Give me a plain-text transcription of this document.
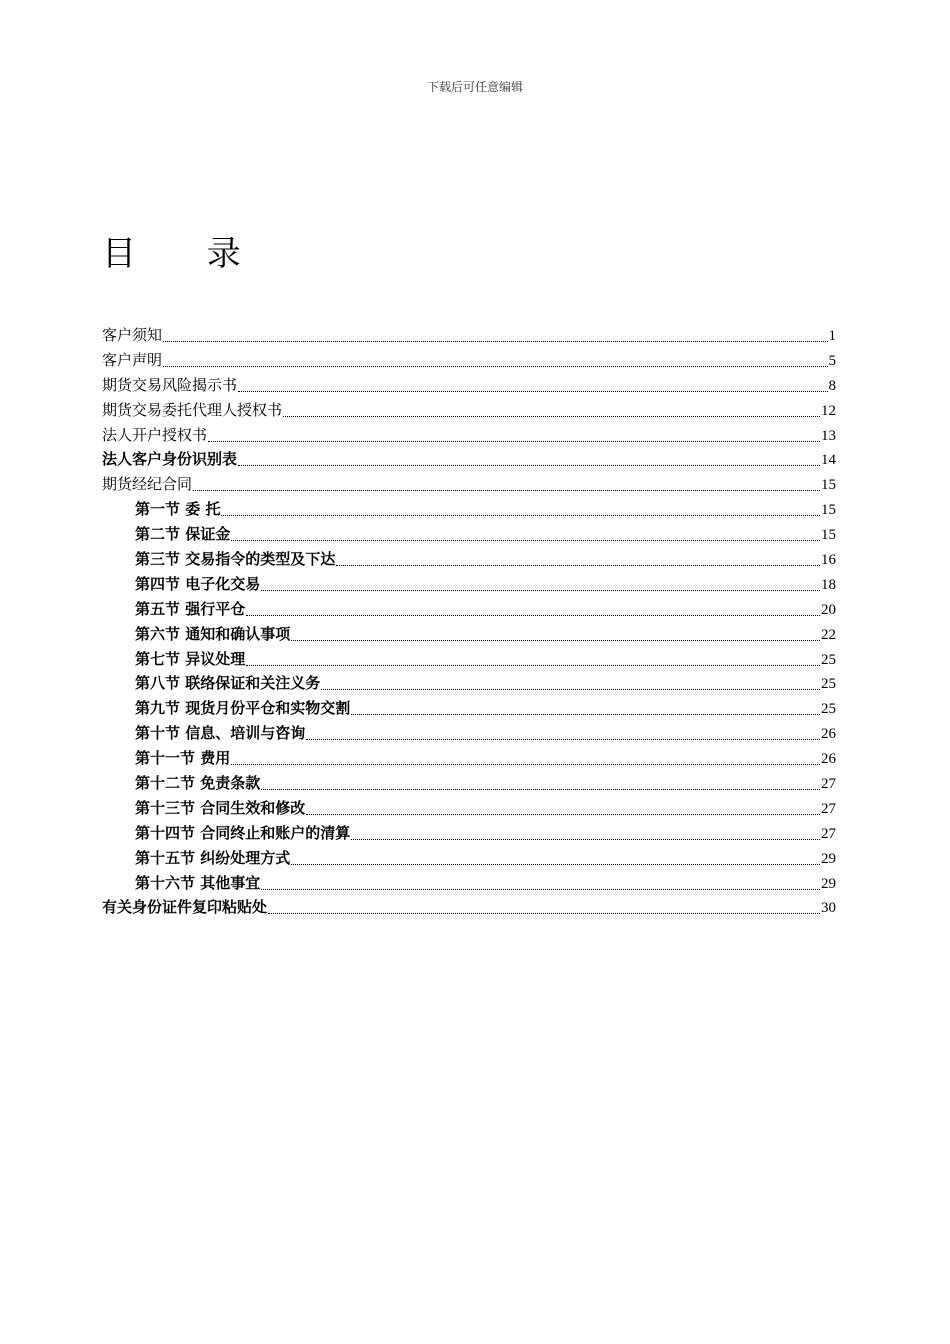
下载后可任意编辑
目 录
客户须知	1
客户声明	5
期货交易风险揭示书	8
期货交易委托代理人授权书	12
法人开户授权书	13
法人客户身份识别表	14
期货经纪合同	15
第一节 委 托	15
第二节 保证金	15
第三节 交易指令的类型及下达	16
第四节 电子化交易	18
第五节 强行平仓	20
第六节 通知和确认事项	22
第七节 异议处理	25
第八节 联络保证和关注义务	25
第九节 现货月份平仓和实物交割	25
第十节 信息、培训与咨询	26
第十一节 费用	26
第十二节 免责条款	27
第十三节 合同生效和修改	27
第十四节 合同终止和账户的清算	27
第十五节 纠纷处理方式	29
第十六节 其他事宜	29
有关身份证件复印粘贴处	30
